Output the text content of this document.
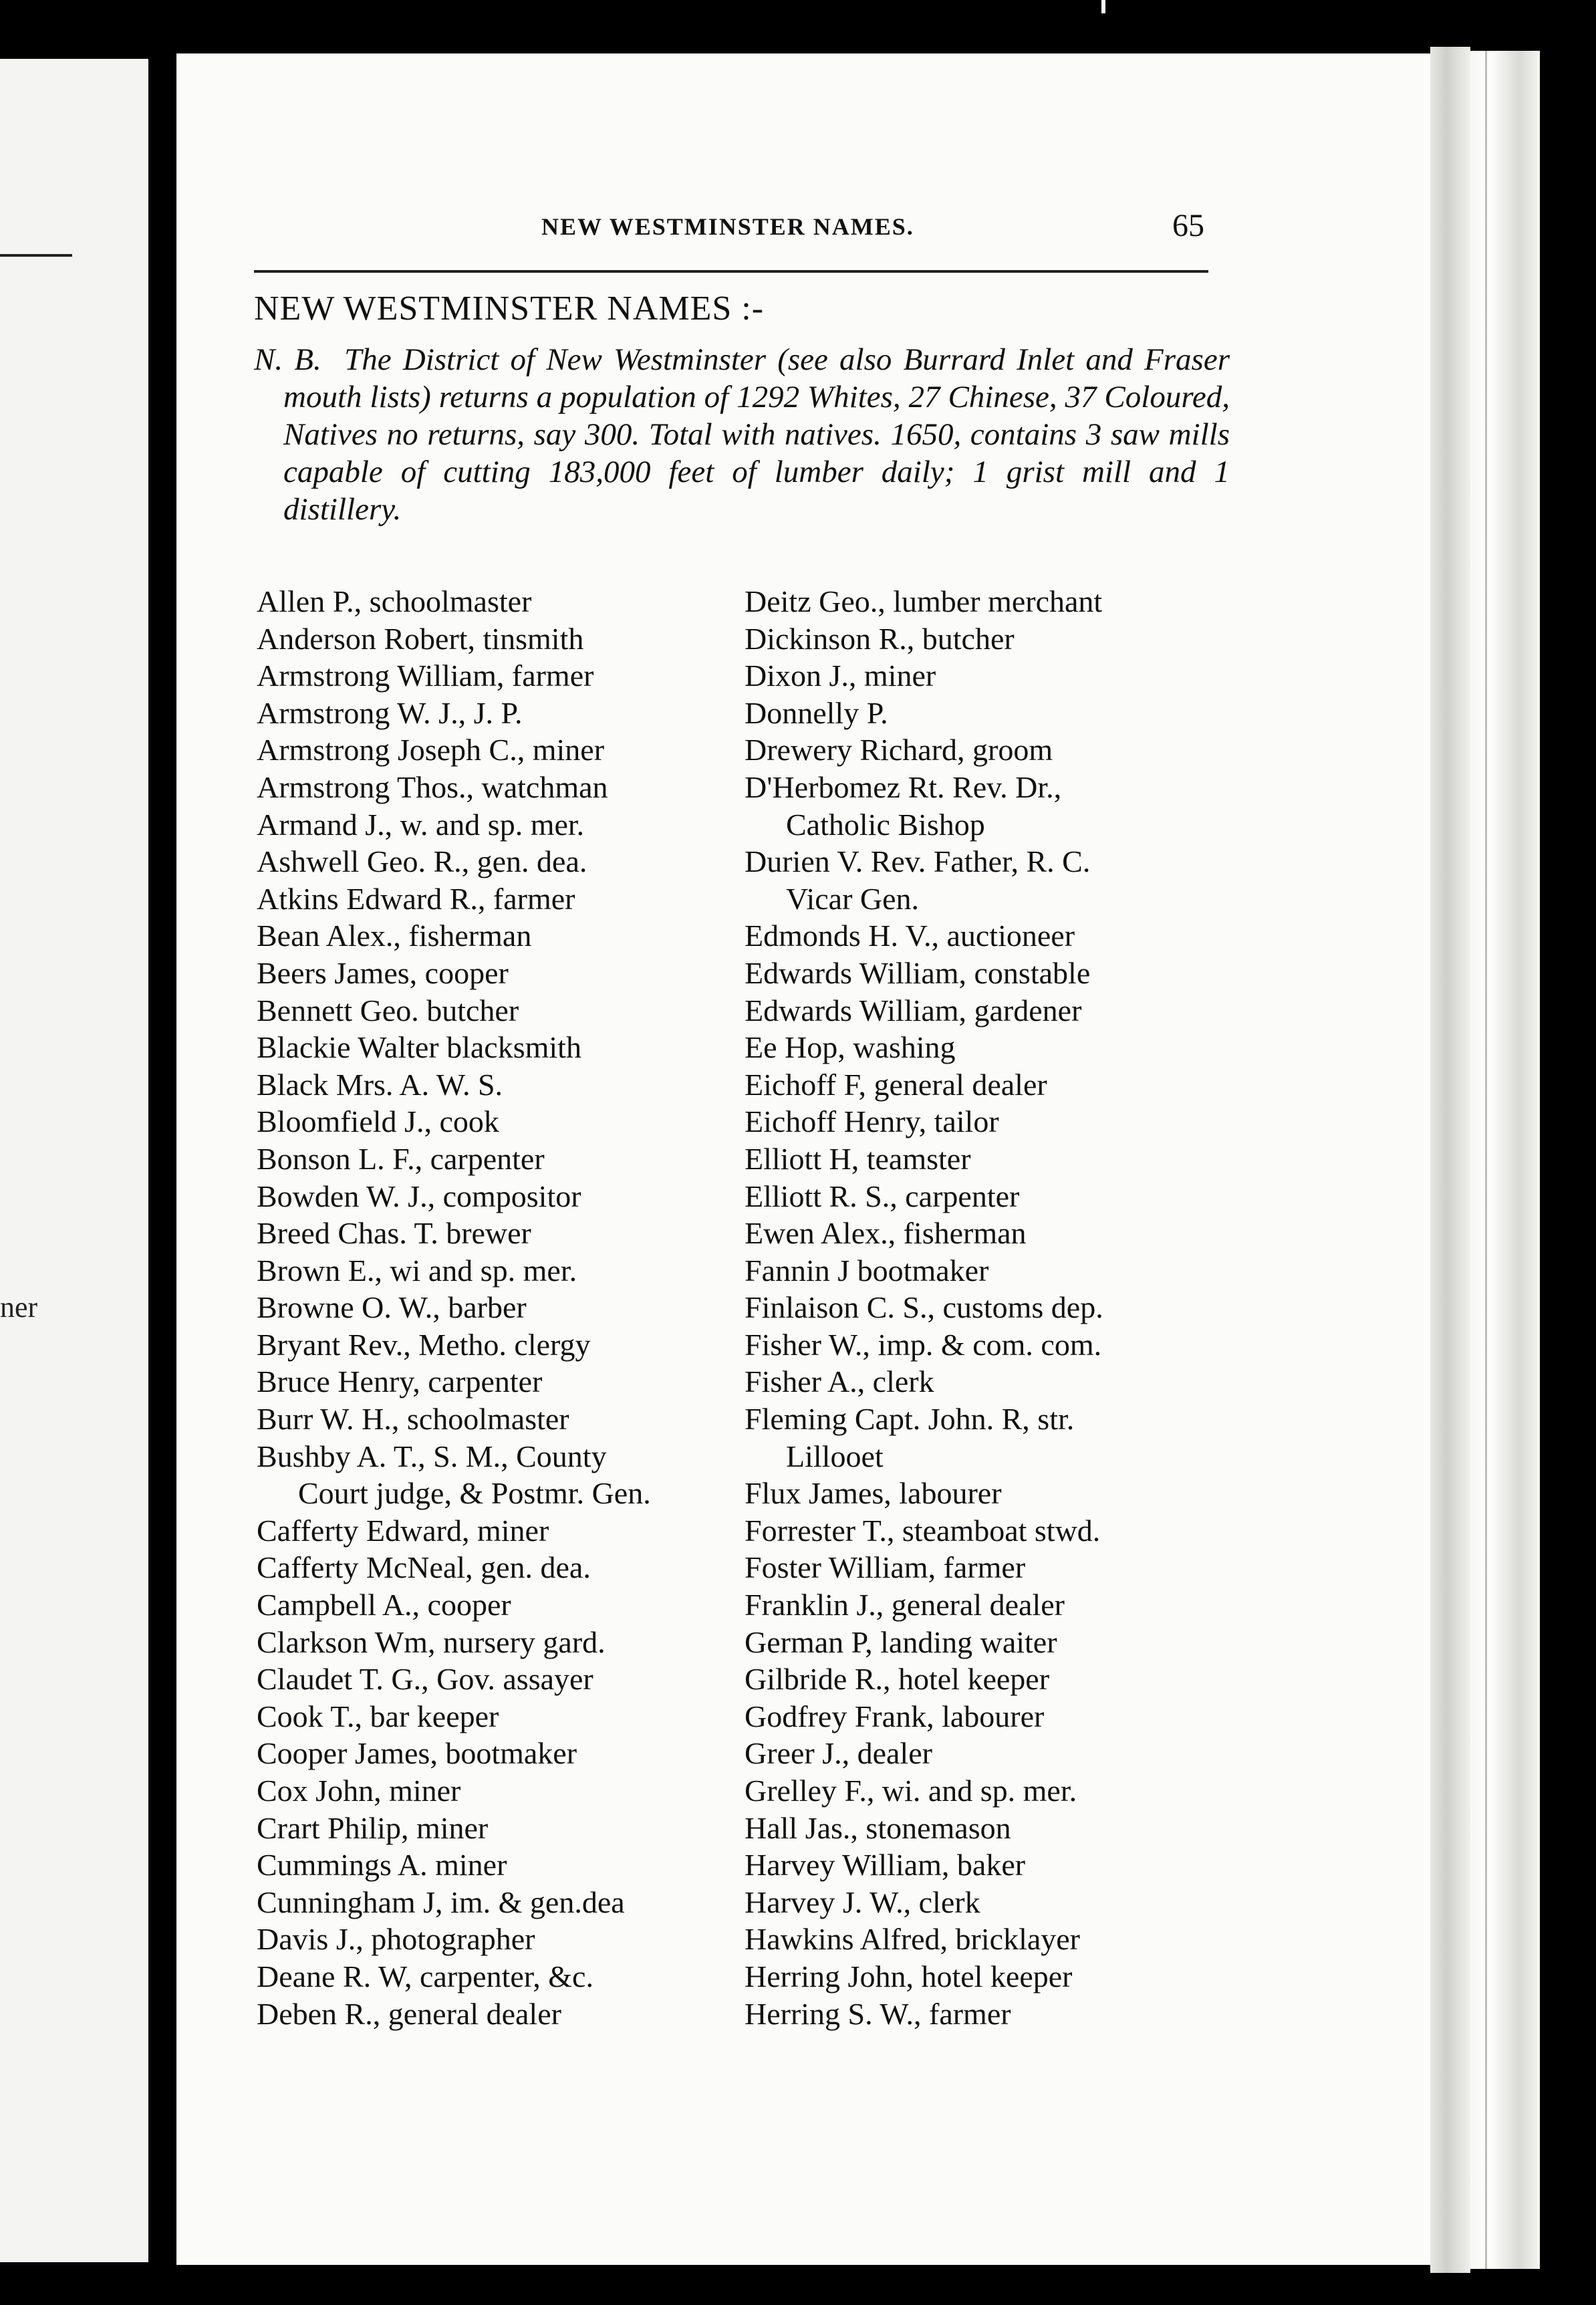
ner
NEW WESTMINSTER NAMES.	65
NEW WESTMINSTER NAMES :-

N. B. The District of New Westminster (see also Burrard Inlet and Fraser mouth lists) returns a population of 1292 Whites, 27 Chinese, 37 Coloured, Natives no returns, say 300. Total with natives. 1650, contains 3 saw mills capable of cutting 183,000 feet of lumber daily; 1 grist mill and 1 distillery.

Allen P., schoolmaster
Anderson Robert, tinsmith
Armstrong William, farmer
Armstrong W. J., J. P.
Armstrong Joseph C., miner
Armstrong Thos., watchman
Armand J., w. and sp. mer.
Ashwell Geo. R., gen. dea.
Atkins Edward R., farmer
Bean Alex., fisherman
Beers James, cooper
Bennett Geo. butcher
Blackie Walter blacksmith
Black Mrs. A. W. S.
Bloomfield J., cook
Bonson L. F., carpenter
Bowden W. J., compositor
Breed Chas. T. brewer
Brown E., wi and sp. mer.
Browne O. W., barber
Bryant Rev., Metho. clergy
Bruce Henry, carpenter
Burr W. H., schoolmaster
Bushby A. T., S. M., County
Court judge, & Postmr. Gen.
Cafferty Edward, miner
Cafferty McNeal, gen. dea.
Campbell A., cooper
Clarkson Wm, nursery gard.
Claudet T. G., Gov. assayer
Cook T., bar keeper
Cooper James, bootmaker
Cox John, miner
Crart Philip, miner
Cummings A. miner
Cunningham J, im. & gen.dea
Davis J., photographer
Deane R. W, carpenter, &c.
Deben R., general dealer
Deitz Geo., lumber merchant
Dickinson R., butcher
Dixon J., miner
Donnelly P.
Drewery Richard, groom
D'Herbomez Rt. Rev. Dr.,
Catholic Bishop
Durien V. Rev. Father, R. C.
Vicar Gen.
Edmonds H. V., auctioneer
Edwards William, constable
Edwards William, gardener
Ee Hop, washing
Eichoff F, general dealer
Eichoff Henry, tailor
Elliott H, teamster
Elliott R. S., carpenter
Ewen Alex., fisherman
Fannin J bootmaker
Finlaison C. S., customs dep.
Fisher W., imp. & com. com.
Fisher A., clerk
Fleming Capt. John. R, str.
Lillooet
Flux James, labourer
Forrester T., steamboat stwd.
Foster William, farmer
Franklin J., general dealer
German P, landing waiter
Gilbride R., hotel keeper
Godfrey Frank, labourer
Greer J., dealer
Grelley F., wi. and sp. mer.
Hall Jas., stonemason
Harvey William, baker
Harvey J. W., clerk
Hawkins Alfred, bricklayer
Herring John, hotel keeper
Herring S. W., farmer
